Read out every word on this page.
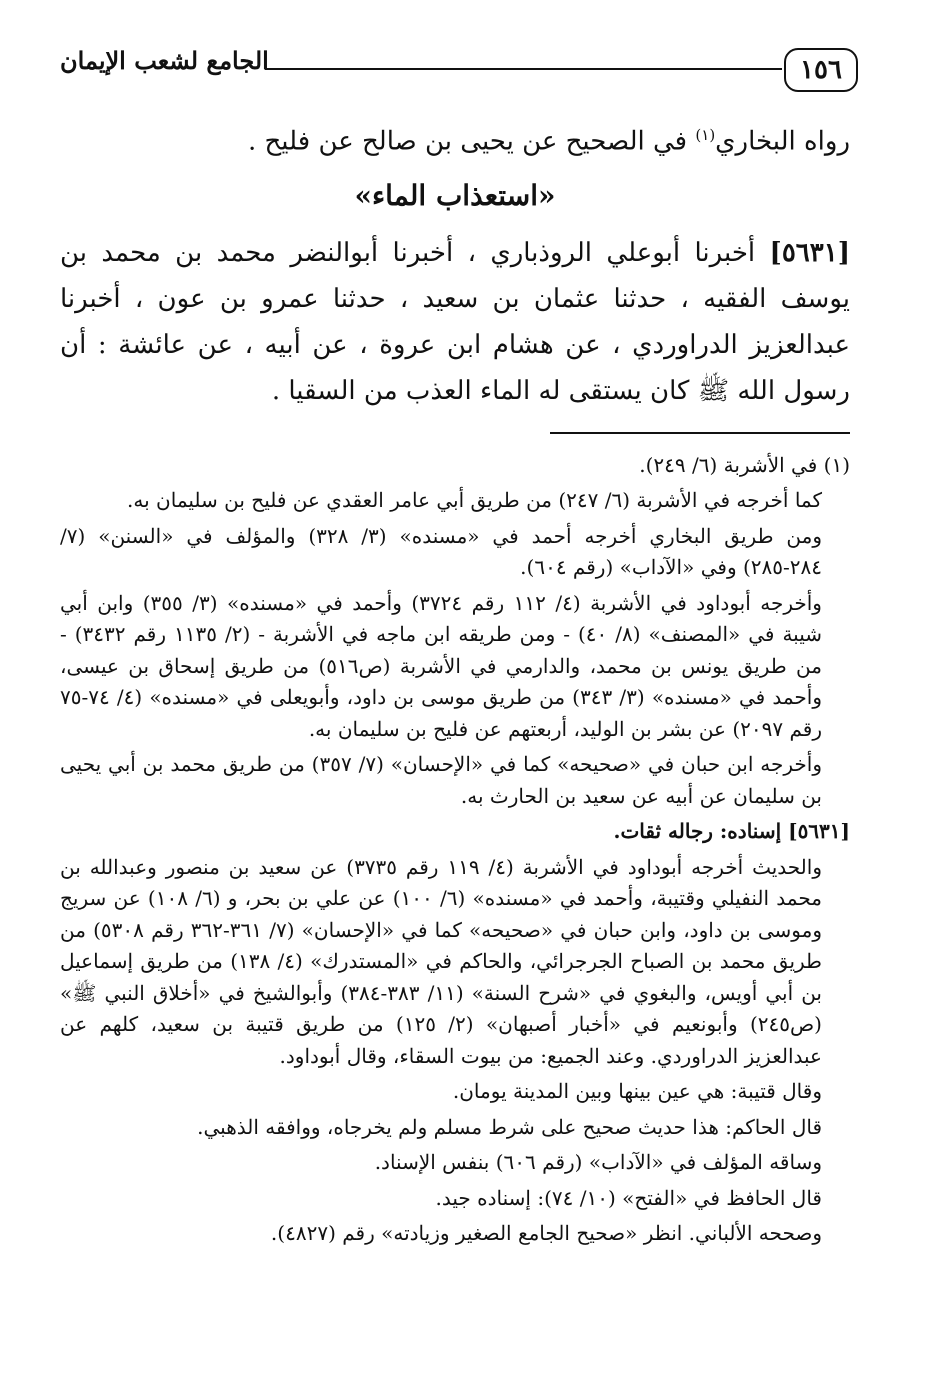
١٥٦
الجامع لشعب الإيمان

رواه البخاري$^{(١)}$ في الصحيح عن يحيى بن صالح عن فليح .

«استعذاب الماء»

[٥٦٣١] أخبرنا أبوعلي الروذباري ، أخبرنا أبوالنضر محمد بن محمد بن يوسف الفقيه ، حدثنا عثمان بن سعيد ، حدثنا عمرو بن عون ، أخبرنا عبدالعزيز الدراوردي ، عن هشام ابن عروة ، عن أبيه ، عن عائشة : أن رسول الله ﷺ كان يستقى له الماء العذب من السقيا .

(١) في الأشربة (٦/ ٢٤٩).

كما أخرجه في الأشربة (٦/ ٢٤٧) من طريق أبي عامر العقدي عن فليح بن سليمان به.

ومن طريق البخاري أخرجه أحمد في «مسنده» (٣/ ٣٢٨) والمؤلف في «السنن» (٧/ ٢٨٤-٢٨٥) وفي «الآداب» (رقم ٦٠٤).

وأخرجه أبوداود في الأشربة (٤/ ١١٢ رقم ٣٧٢٤) وأحمد في «مسنده» (٣/ ٣٥٥) وابن أبي شيبة في «المصنف» (٨/ ٤٠) - ومن طريقه ابن ماجه في الأشربة - (٢/ ١١٣٥ رقم ٣٤٣٢) - من طريق يونس بن محمد، والدارمي في الأشربة (ص٥١٦) من طريق إسحاق بن عيسى، وأحمد في «مسنده» (٣/ ٣٤٣) من طريق موسى بن داود، وأبويعلى في «مسنده» (٤/ ٧٤-٧٥ رقم ٢٠٩٧) عن بشر بن الوليد، أربعتهم عن فليح بن سليمان به.

وأخرجه ابن حبان في «صحيحه» كما في «الإحسان» (٧/ ٣٥٧) من طريق محمد بن أبي يحيى بن سليمان عن أبيه عن سعيد بن الحارث به.

[٥٦٣١] إسناده: رجاله ثقات.

والحديث أخرجه أبوداود في الأشربة (٤/ ١١٩ رقم ٣٧٣٥) عن سعيد بن منصور وعبدالله بن محمد النفيلي وقتيبة، وأحمد في «مسنده» (٦/ ١٠٠) عن علي بن بحر، و (٦/ ١٠٨) عن سريج وموسى بن داود، وابن حبان في «صحيحه» كما في «الإحسان» (٧/ ٣٦١-٣٦٢ رقم ٥٣٠٨) من طريق محمد بن الصباح الجرجرائي، والحاكم في «المستدرك» (٤/ ١٣٨) من طريق إسماعيل بن أبي أويس، والبغوي في «شرح السنة» (١١/ ٣٨٣-٣٨٤) وأبوالشيخ في «أخلاق النبي ﷺ» (ص٢٤٥) وأبونعيم في «أخبار أصبهان» (٢/ ١٢٥) من طريق قتيبة بن سعيد، كلهم عن عبدالعزيز الدراوردي. وعند الجميع: من بيوت السقاء، وقال أبوداود.

وقال قتيبة: هي عين بينها وبين المدينة يومان.

قال الحاكم: هذا حديث صحيح على شرط مسلم ولم يخرجاه، ووافقه الذهبي.

وساقه المؤلف في «الآداب» (رقم ٦٠٦) بنفس الإسناد.

قال الحافظ في «الفتح» (١٠/ ٧٤): إسناده جيد.

وصححه الألباني. انظر «صحيح الجامع الصغير وزيادته» رقم (٤٨٢٧).
